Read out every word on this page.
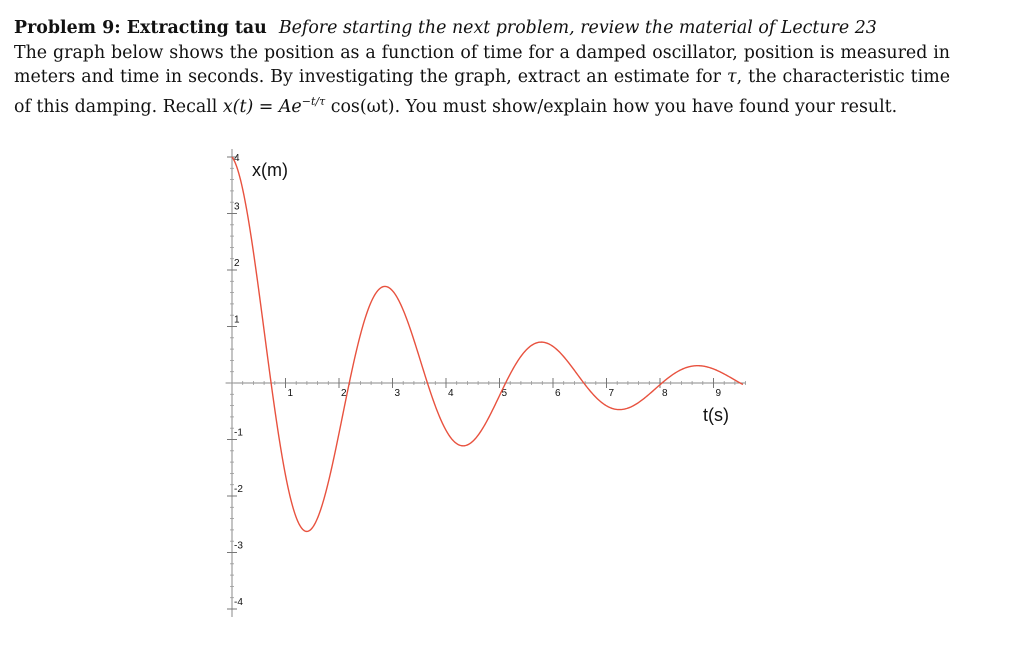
Problem 9: Extracting tau Before starting the next problem, review the material of Lecture 23
The graph below shows the position as a function of time for a damped oscillator, position is measured in meters and time in seconds. By investigating the graph, extract an estimate for τ, the characteristic time of this damping. Recall $x(t) = Ae^{-t/\tau}$ cos(ωt). You must show/explain how you have found your result.
1	2	3	4	5	6	7	8	9
-4
-3
-2
-1
1
2
3
4
x(m)
t(s)
